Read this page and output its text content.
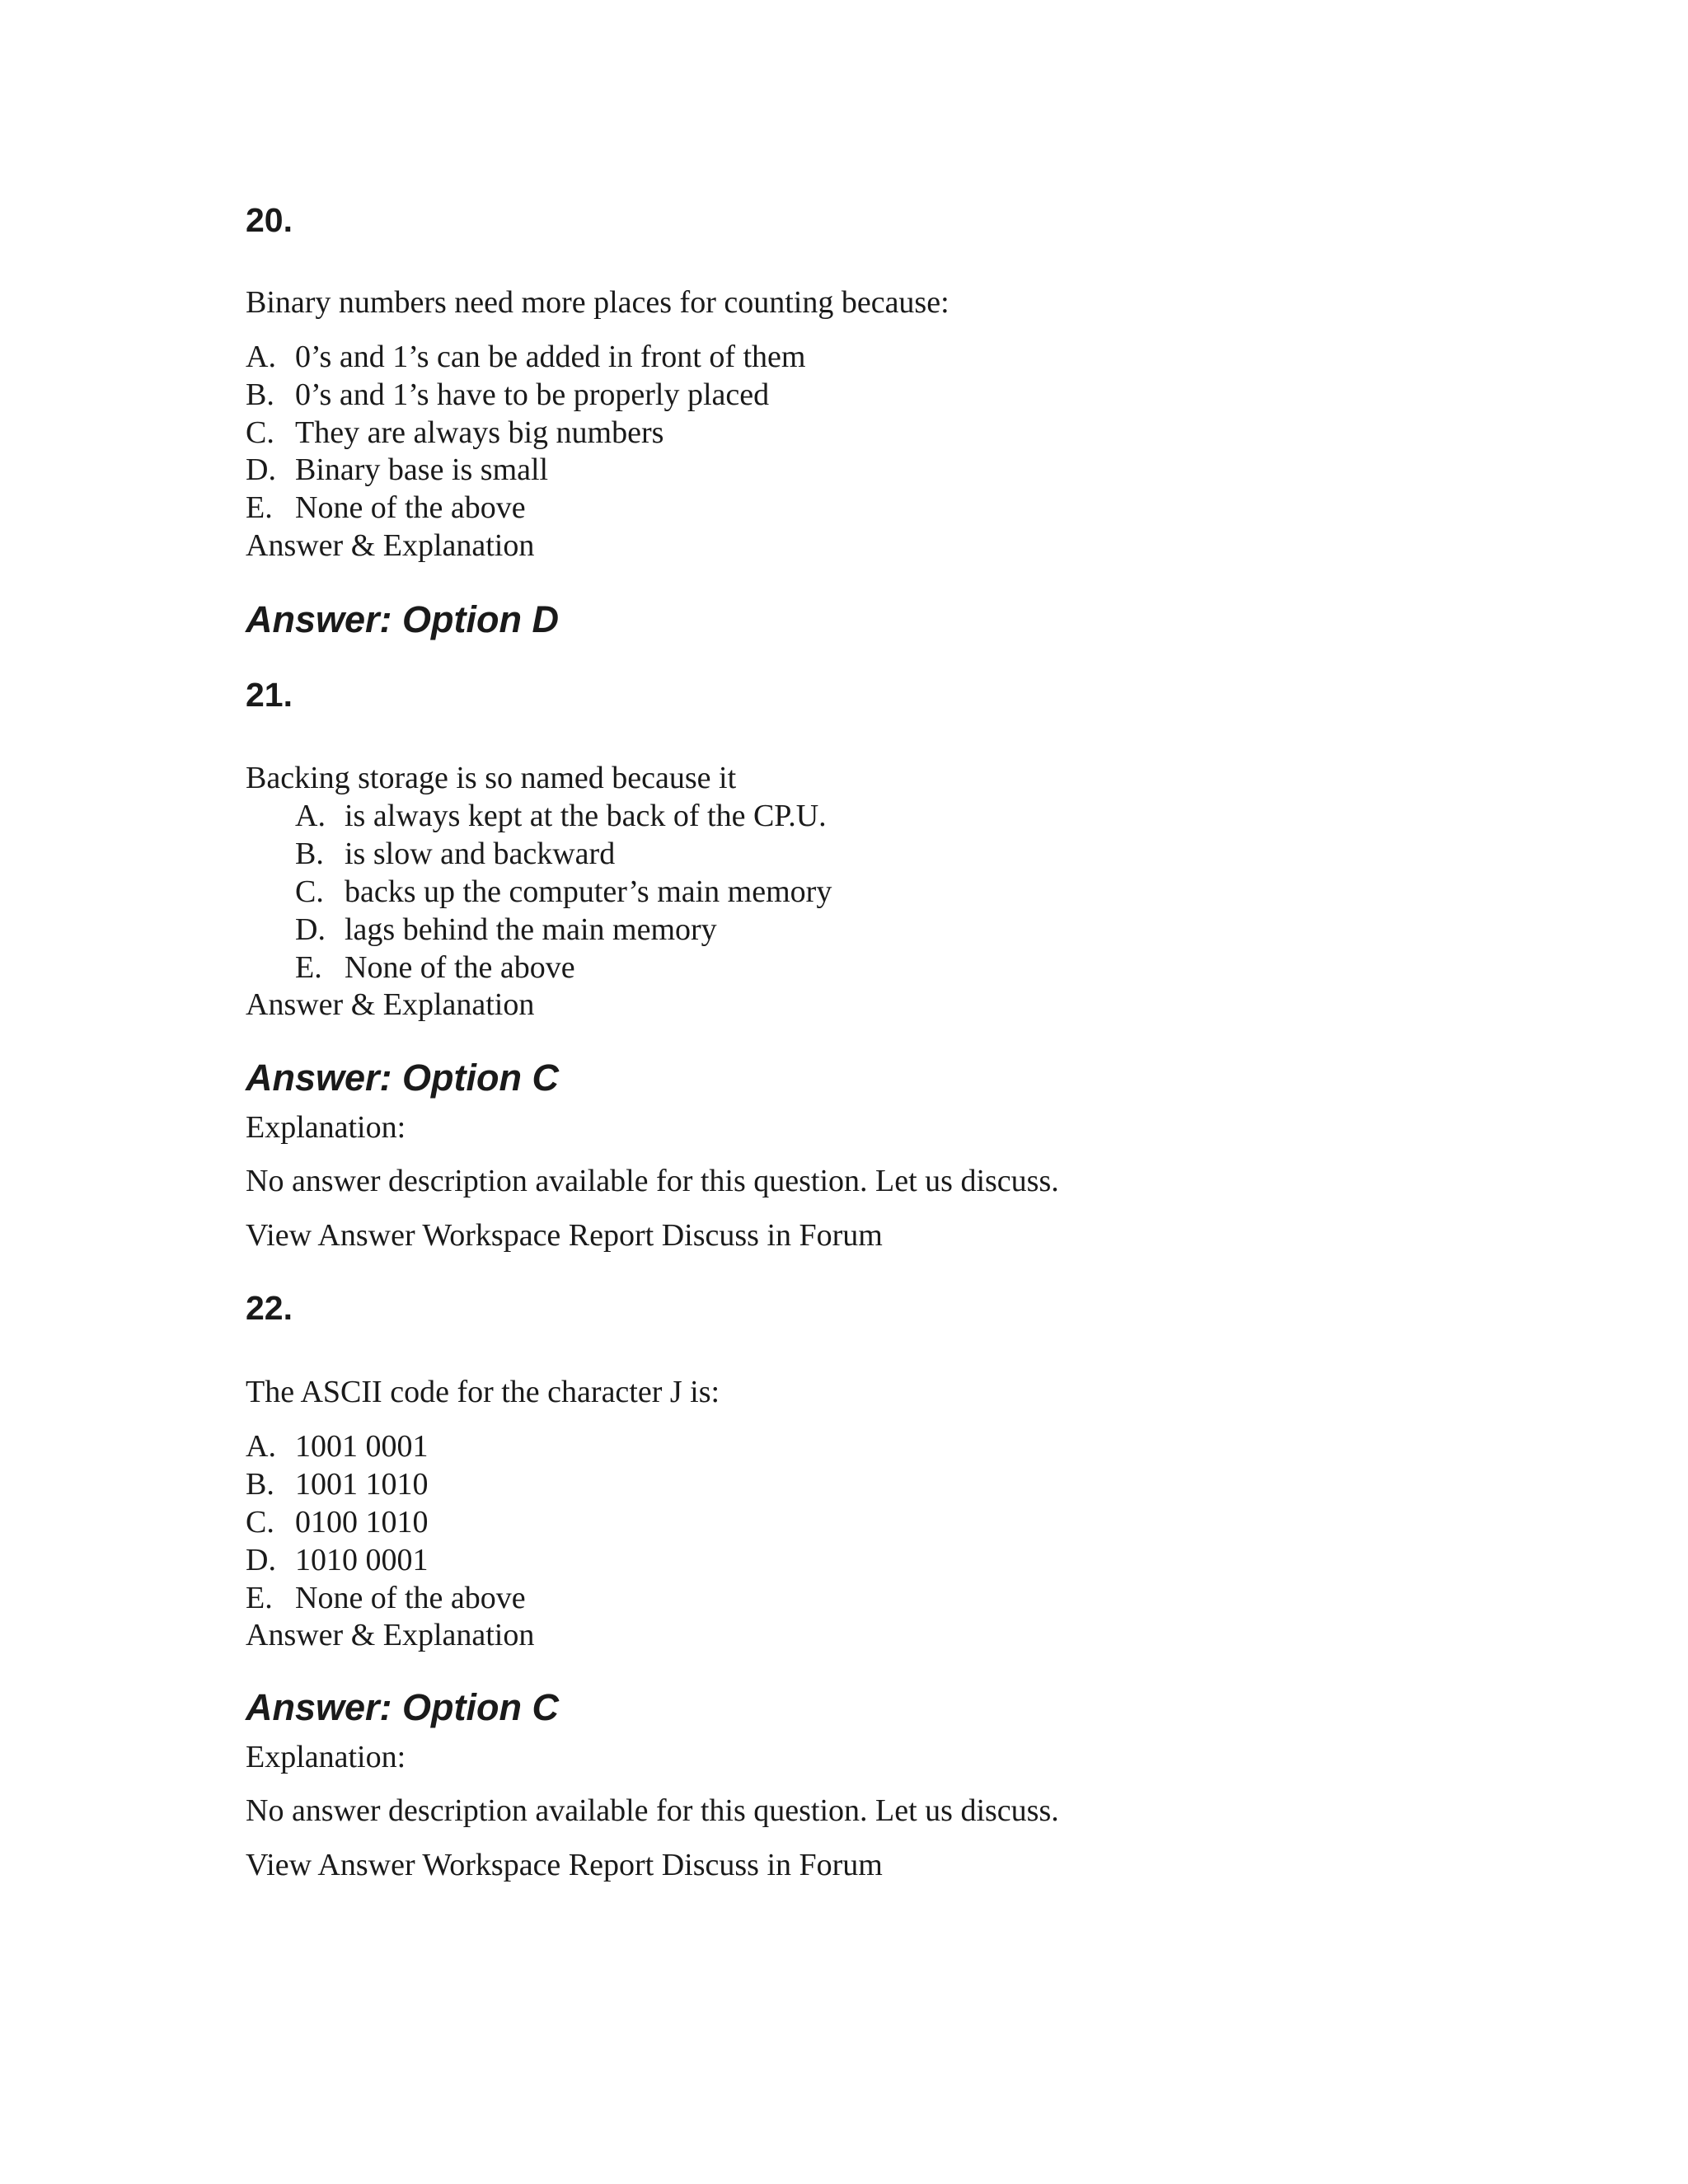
20.
Binary numbers need more places for counting because:
A. 0’s and 1’s can be added in front of them
B. 0’s and 1’s have to be properly placed
C. They are always big numbers
D. Binary base is small
E. None of the above
Answer & Explanation
Answer: Option D
21.
Backing storage is so named because it
A. is always kept at the back of the CP.U.
B. is slow and backward
C. backs up the computer’s main memory
D. lags behind the main memory
E. None of the above
Answer & Explanation
Answer: Option C
Explanation:
No answer description available for this question. Let us discuss.
View Answer Workspace Report Discuss in Forum
22.
The ASCII code for the character J is:
A. 1001 0001
B. 1001 1010
C. 0100 1010
D. 1010 0001
E. None of the above
Answer & Explanation
Answer: Option C
Explanation:
No answer description available for this question. Let us discuss.
View Answer Workspace Report Discuss in Forum
